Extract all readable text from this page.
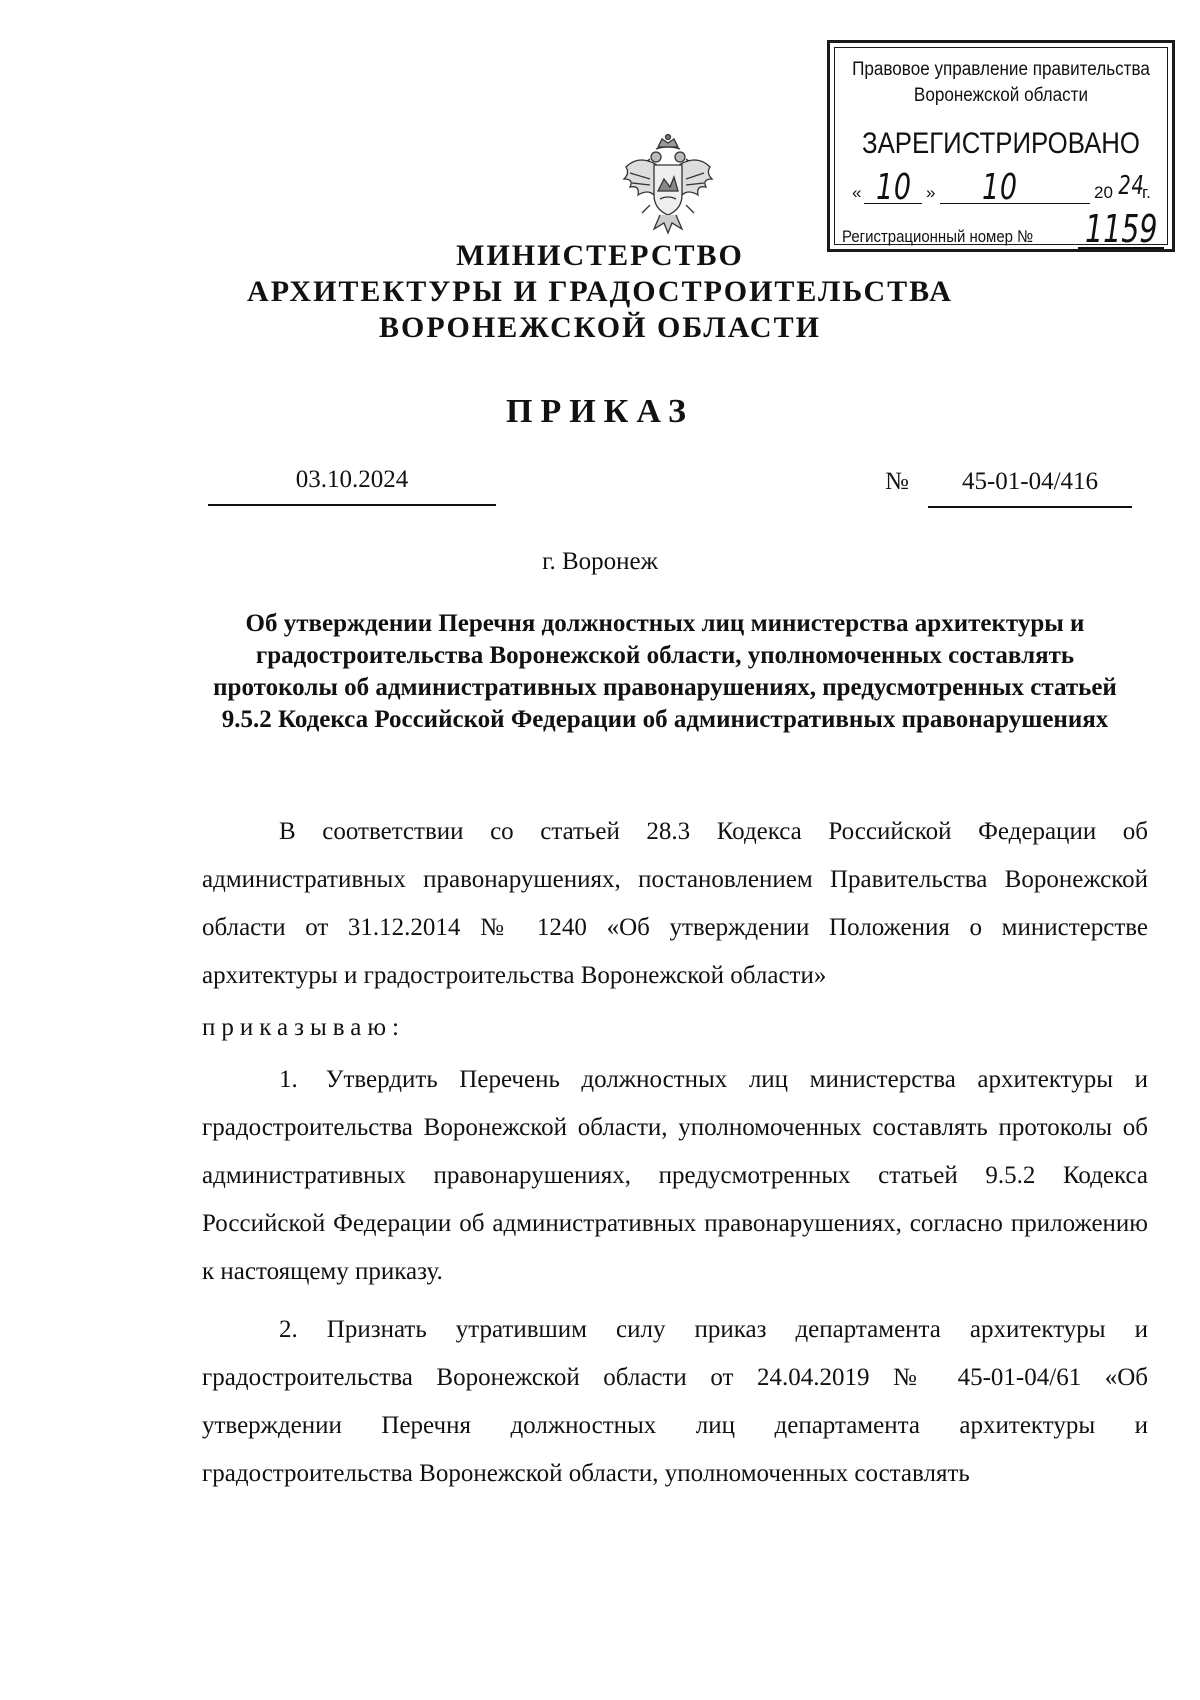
Правовое управление правительства
Воронежской области
ЗАРЕГИСТРИРОВАНО
« 10 » 10	20 24
г.
Регистрационный номер № 1159
МИНИСТЕРСТВО
АРХИТЕКТУРЫ И ГРАДОСТРОИТЕЛЬСТВА
ВОРОНЕЖСКОЙ ОБЛАСТИ
ПРИКАЗ
03.10.2024	№	45-01-04/416
г. Воронеж
Об утверждении Перечня должностных лиц министерства архитектуры и градостроительства Воронежской области, уполномоченных составлять протоколы об административных правонарушениях, предусмотренных статьей 9.5.2 Кодекса Российской Федерации об административных правонарушениях

В соответствии со статьей 28.3 Кодекса Российской Федерации об административных правонарушениях, постановлением Правительства Воронежской области от 31.12.2014 № 1240 «Об утверждении Положения о министерстве архитектуры и градостроительства Воронежской области»

приказываю:

1. Утвердить Перечень должностных лиц министерства архитектуры и градостроительства Воронежской области, уполномоченных составлять протоколы об административных правонарушениях, предусмотренных статьей 9.5.2 Кодекса Российской Федерации об административных правонарушениях, согласно приложению к настоящему приказу.

2. Признать утратившим силу приказ департамента архитектуры и градостроительства Воронежской области от 24.04.2019 № 45-01-04/61 «Об утверждении Перечня должностных лиц департамента архитектуры и градостроительства Воронежской области, уполномоченных составлять
